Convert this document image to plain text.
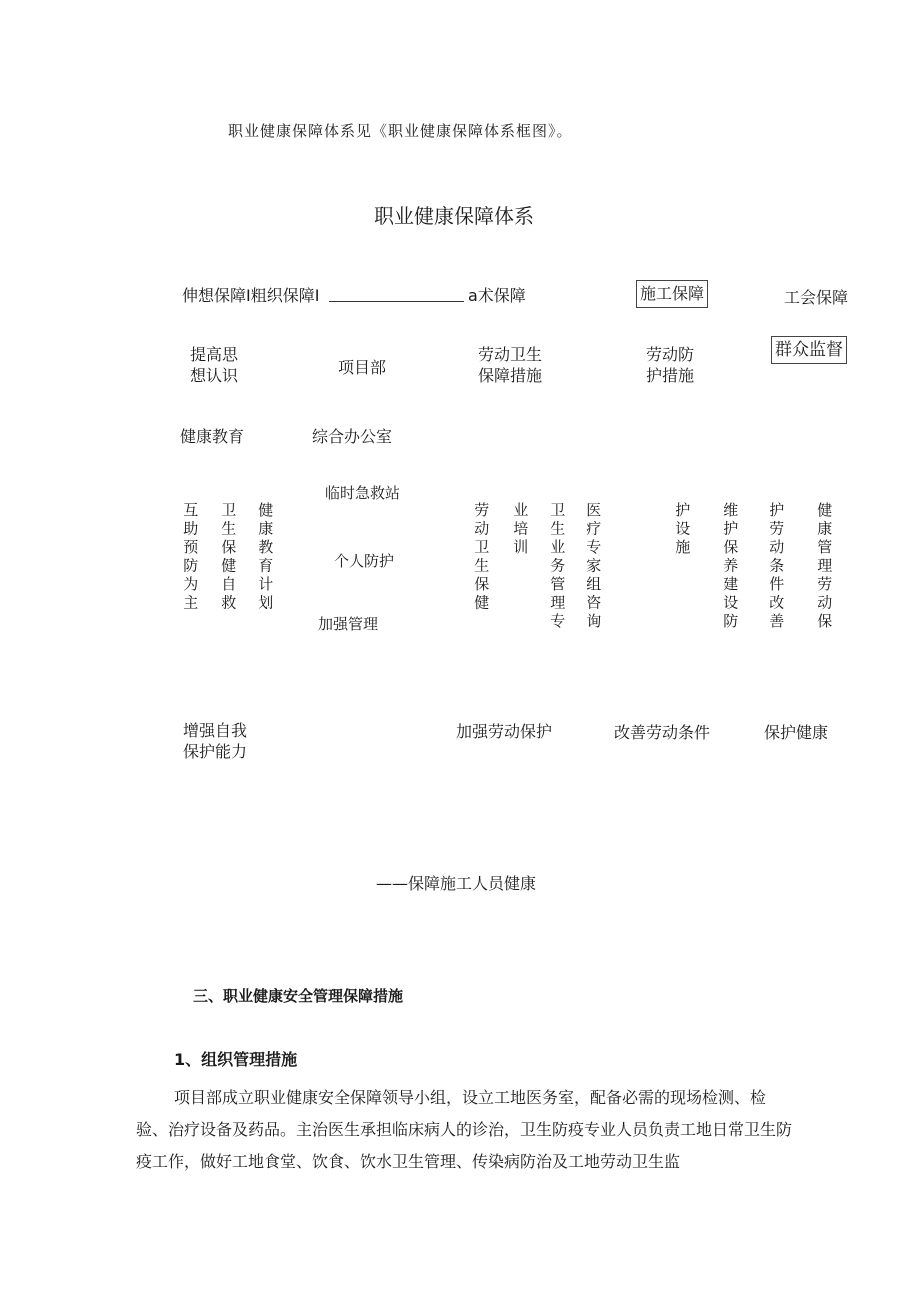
职业健康保障体系见《职业健康保障体系框图》。
职业健康保障体系
伸想保障I粗织保障I	a术保障	施工保障	工会保障
提高思
想认识	项目部
劳动卫生
保障措施
劳动防
护措施
群众监督
健康教育	综合办公室
临时急救站
个人防护
加强管理
互助预防为主 卫生保健自救 健康教育计划	劳动卫生保健 业培训 卫生业务管理专 医疗专家组咨询	护设施 维护保养建设防 护劳动条件改善 健康管理劳动保
增强自我
保护能力
加强劳动保护	改善劳动条件	保护健康
——保障施工人员健康
三、职业健康安全管理保障措施
1、组织管理措施
项目部成立职业健康安全保障领导小组，设立工地医务室，配备必需的现场检测、检验、治疗设备及药品。主治医生承担临床病人的诊治，卫生防疫专业人员负责工地日常卫生防疫工作，做好工地食堂、饮食、饮水卫生管理、传染病防治及工地劳动卫生监
